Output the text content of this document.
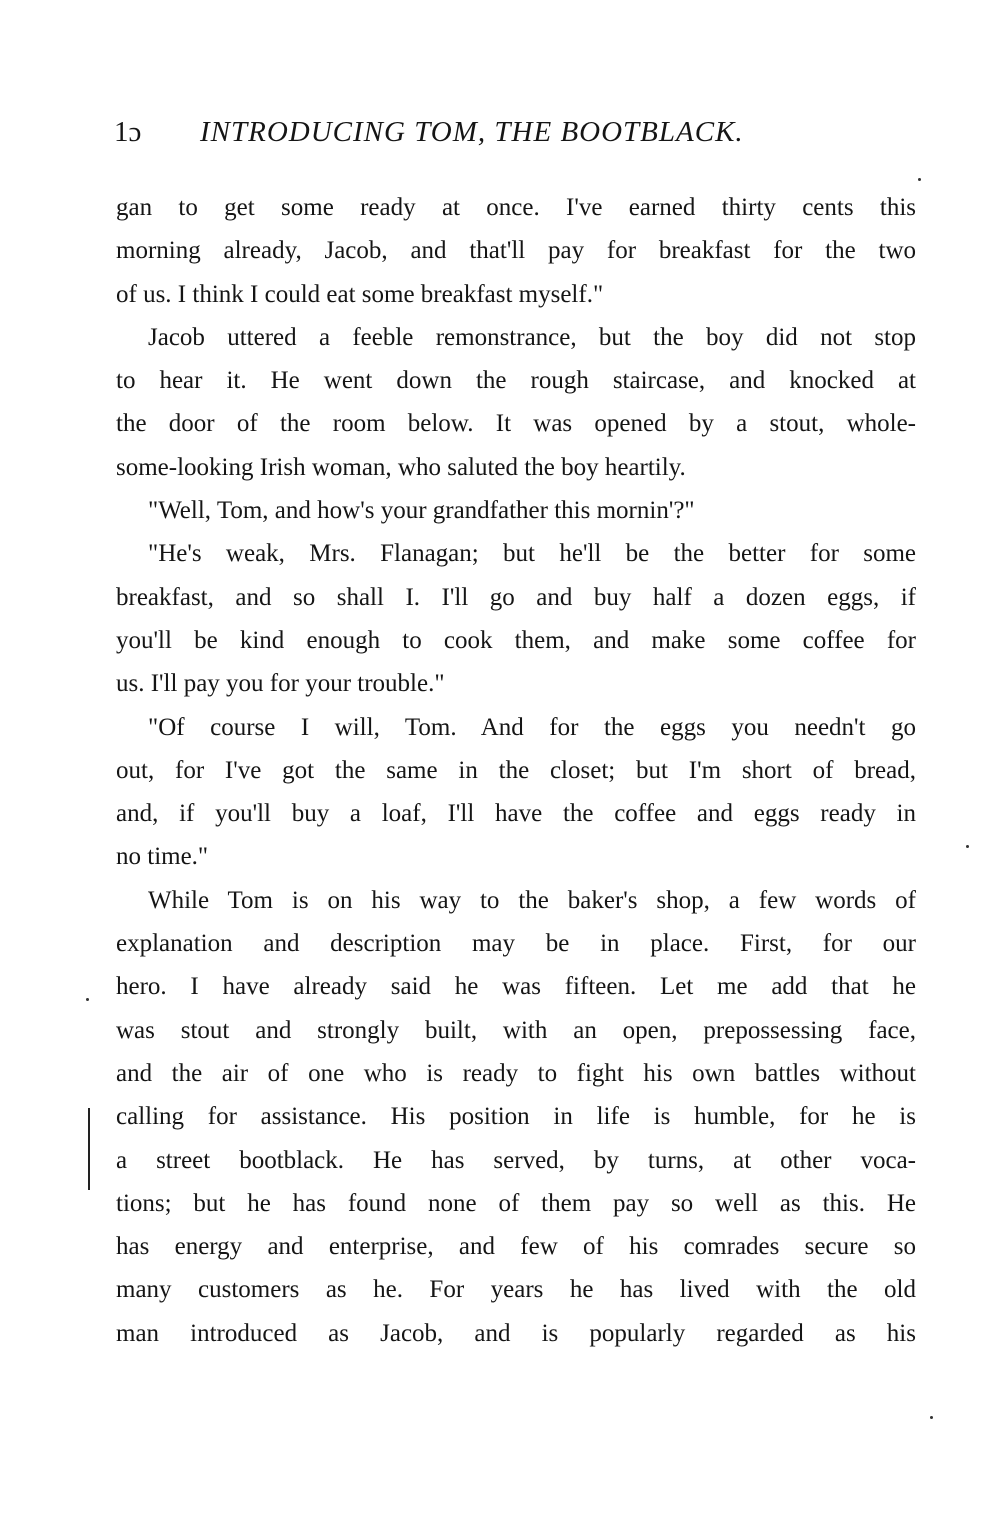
1ɔ INTRODUCING TOM, THE BOOTBLACK.
gan to get some ready at once. I've earned thirty cents this
morning already, Jacob, and that'll pay for breakfast for the two
of us. I think I could eat some breakfast myself."
Jacob uttered a feeble remonstrance, but the boy did not stop
to hear it. He went down the rough staircase, and knocked at
the door of the room below. It was opened by a stout, whole-
some-looking Irish woman, who saluted the boy heartily.
"Well, Tom, and how's your grandfather this mornin'?"
"He's weak, Mrs. Flanagan; but he'll be the better for some
breakfast, and so shall I. I'll go and buy half a dozen eggs, if
you'll be kind enough to cook them, and make some coffee for
us. I'll pay you for your trouble."
"Of course I will, Tom. And for the eggs you needn't go
out, for I've got the same in the closet; but I'm short of bread,
and, if you'll buy a loaf, I'll have the coffee and eggs ready in
no time."
While Tom is on his way to the baker's shop, a few words of
explanation and description may be in place. First, for our
hero. I have already said he was fifteen. Let me add that he
was stout and strongly built, with an open, prepossessing face,
and the air of one who is ready to fight his own battles without
calling for assistance. His position in life is humble, for he is
a street bootblack. He has served, by turns, at other voca-
tions; but he has found none of them pay so well as this. He
has energy and enterprise, and few of his comrades secure so
many customers as he. For years he has lived with the old
man introduced as Jacob, and is popularly regarded as his
